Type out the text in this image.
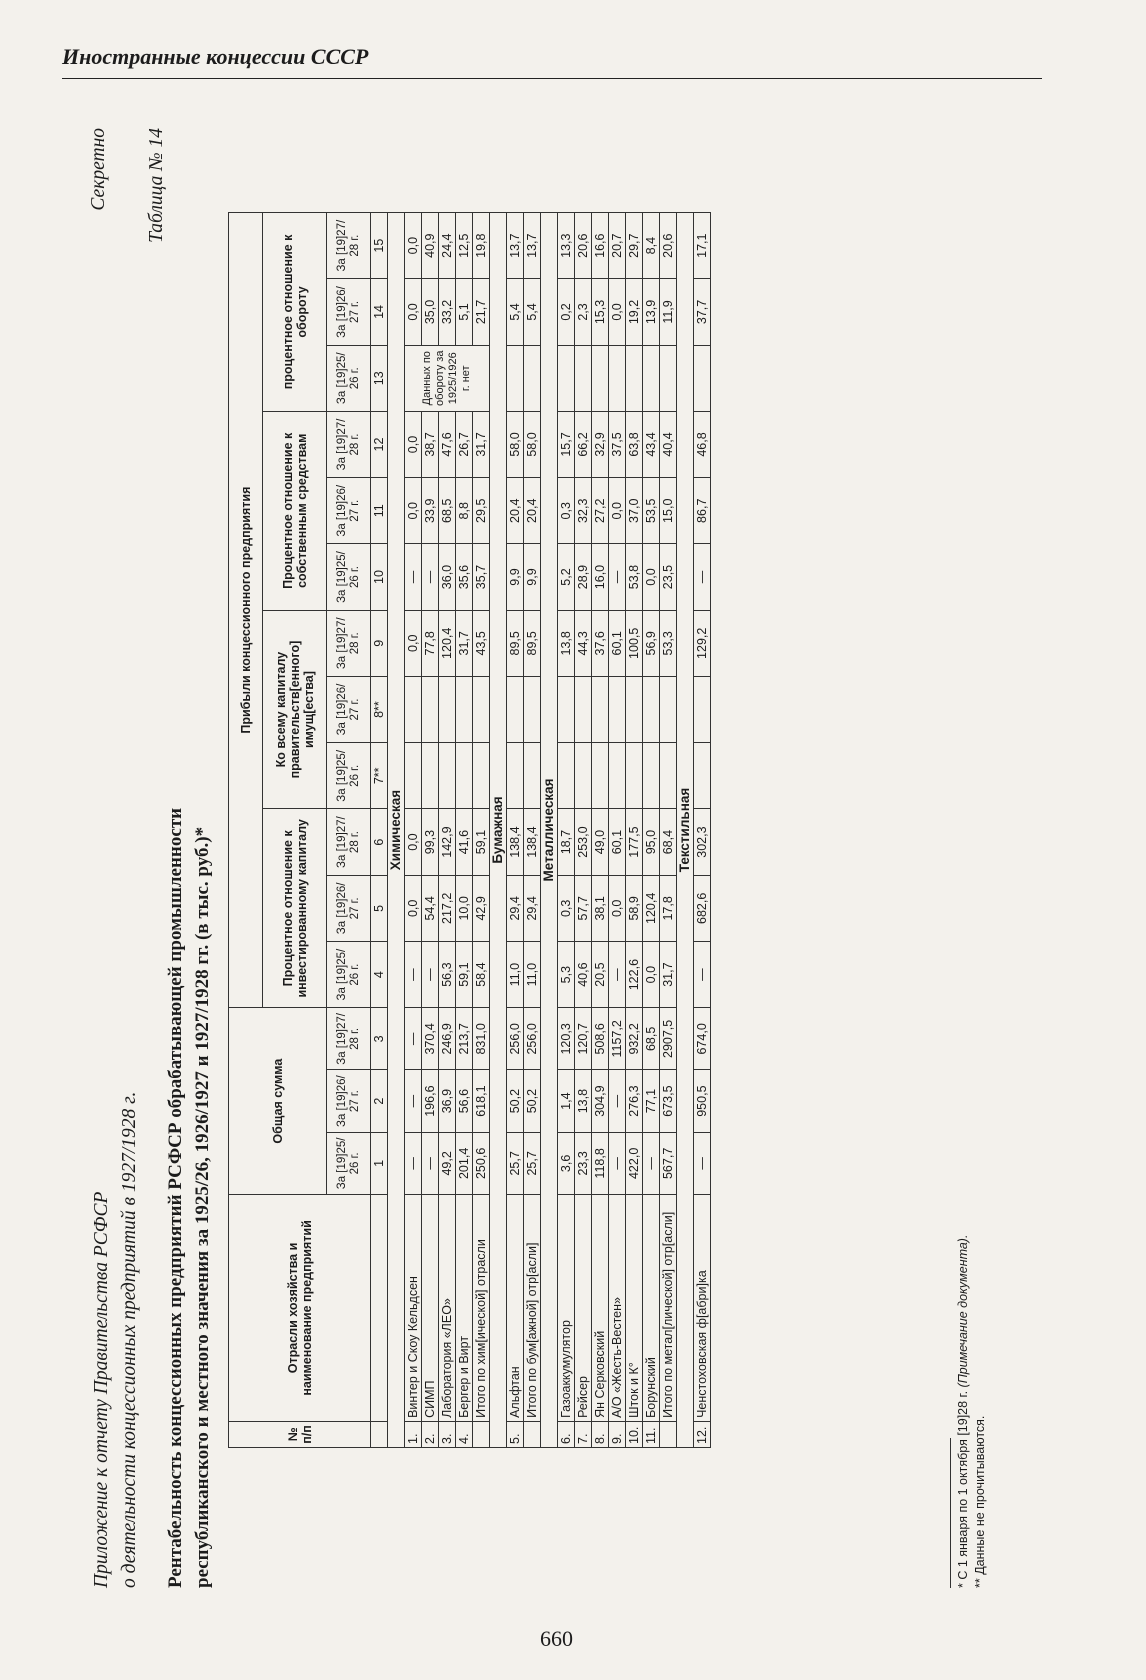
Иностранные концессии СССР
Приложение к отчету Правительства РСФСР о деятельности концессионных предприятий в 1927/1928 г.
Секретно Таблица № 14
Рентабельность концессионных предприятий РСФСР обрабатывающей промышленности республиканского и местного значения за 1925/26, 1926/1927 и 1927/1928 гг. (в тыс. руб.)*	№ п/п	Отрасли хозяйства и наименование предприятий	Общая сумма			Прибыли концессионного предприятия											
					Процентное отношение к инвестированному капиталу			Ко всему капиталу правительств[енного] имущ[ества]			Процентное отношение к собственным средствам			процентное отношение к обороту		
		За [19]25/ 26 г.	За [19]26/ 27 г.	За [19]27/ 28 г.	За [19]25/ 26 г.	За [19]26/ 27 г.	За [19]27/ 28 г.	За [19]25/ 26 г.	За [19]26/ 27 г.	За [19]27/ 28 г.	За [19]25/ 26 г.	За [19]26/ 27 г.	За [19]27/ 28 г.	За [19]25/ 26 г.	За [19]26/ 27 г.	За [19]27/ 28 г.
		1	2	3	4	5	6	7**	8**	9	10	11	12	13	14	15
Химическая																
1.	Винтер и Скоу Кельдсен	—	—	—	—	0,0	0,0			0,0	—	0,0	0,0	Данных по обороту за 1925/1926 г. нет	0,0	0,0
2.	СИМП	—	196,6	370,4	—	54,4	99,3			77,8	—	33,9	38,7		35,0	40,9
3.	Лаборатория «ЛЕО»	49,2	36,9	246,9	56,3	217,2	142,9			120,4	36,0	68,5	47,6		33,2	24,4
4.	Бергер и Вирт	201,4	56,6	213,7	59,1	10,0	41,6			31,7	35,6	8,8	26,7		5,1	12,5
	Итого по хим[ической] отрасли	250,6	618,1	831,0	58,4	42,9	59,1			43,5	35,7	29,5	31,7		21,7	19,8
Бумажная																
5.	Альфтан	25,7	50,2	256,0	11,0	29,4	138,4			89,5	9,9	20,4	58,0		5,4	13,7
	Итого по бум[ажной] отр[асли]	25,7	50,2	256,0	11,0	29,4	138,4			89,5	9,9	20,4	58,0		5,4	13,7
Металлическая																
6.	Газоаккумулятор	3,6	1,4	120,3	5,3	0,3	18,7			13,8	5,2	0,3	15,7		0,2	13,3
7.	Рейсер	23,3	13,8	120,7	40,6	57,7	253,0			44,3	28,9	32,3	66,2		2,3	20,6
8.	Ян Серковский	118,8	304,9	508,6	20,5	38,1	49,0			37,6	16,0	27,2	32,9		15,3	16,6
9.	А/О «Жесть-Вестен»	—	—	1157,2	—	0,0	60,1			60,1	—	0,0	37,5		0,0	20,7
10.	Шток и К°	422,0	276,3	932,2	122,6	58,9	177,5			100,5	53,8	37,0	63,8		19,2	29,7
11.	Борунский	—	77,1	68,5	0,0	120,4	95,0			56,9	0,0	53,5	43,4		13,9	8,4
	Итого по метал[лической] отр[асли]	567,7	673,5	2907,5	31,7	17,8	68,4			53,3	23,5	15,0	40,4		11,9	20,6
Текстильная																
12.	Ченстоховская ф[абри]ка	—	950,5	674,0	—	682,6	302,3			129,2	—	86,7	46,8		37,7	17,1
* С 1 января по 1 октября [19]28 г. (Примечание документа).
** Данные не прочитываются.
660
